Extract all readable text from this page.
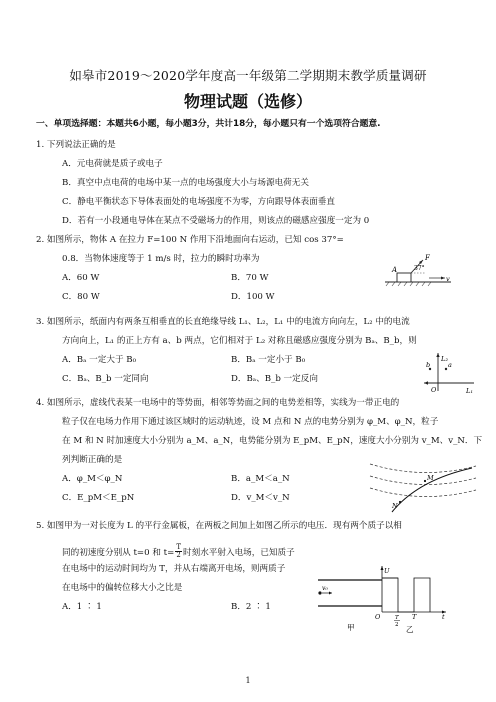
如皋市2019～2020学年度高一年级第二学期期末教学质量调研
物理试题（选修）
一、单项选择题：本题共6小题，每小题3分，共计18分，每小题只有一个选项符合题意.
1. 下列说法正确的是
A．元电荷就是质子或电子
B．真空中点电荷的电场中某一点的电场强度大小与场源电荷无关
C．静电平衡状态下导体表面处的电场强度不为零，方向跟导体表面垂直
D．若有一小段通电导体在某点不受磁场力的作用，则该点的磁感应强度一定为 0
2. 如图所示，物体 A 在拉力 F=100 N 作用下沿地面向右运动，已知 cos 37°=
0.8．当物体速度等于 1 m/s 时，拉力的瞬时功率为
A．60 W	B．70 W
C．80 W	D．100 W
A
F
37°
v
3. 如图所示，纸面内有两条互相垂直的长直绝缘导线 L₁、L₂，L₁ 中的电流方向向左，L₂ 中的电流
方向向上，L₁ 的正上方有 a、b 两点，它们相对于 L₂ 对称且磁感应强度分别为 Bₐ、B_b，则
A．Bₐ 一定大于 B₀	B．Bₐ 一定小于 B₀
C．Bₐ、B_b 一定同向	D．Bₐ、B_b 一定反向
L₂
b	a
O	L₁
4. 如图所示，虚线代表某一电场中的等势面，相邻等势面之间的电势差相等，实线为一带正电的
粒子仅在电场力作用下通过该区域时的运动轨迹，设 M 点和 N 点的电势分别为 φ_M、φ_N，粒子
在 M 和 N 时加速度大小分别为 a_M、a_N，电势能分别为 E_pM、E_pN，速度大小分别为 v_M、v_N．下
列判断正确的是
A．φ_M＜φ_N	B．a_M＜a_N
C．E_pM＜E_pN	D．v_M＜v_N
M
N
5. 如图甲为一对长度为 L 的平行金属板，在两板之间加上如图乙所示的电压．现有两个质子以相
同的初速度分别从 t=0 和 $t= \frac{T}{2}$ 时刻水平射入电场，已知质子
在电场中的运动时间均为 T，并从右端离开电场，则两质子
在电场中的偏转位移大小之比是
A．1 ∶ 1	B．2 ∶ 1
v₀
甲
U
O	T
2
T	t
乙
1
